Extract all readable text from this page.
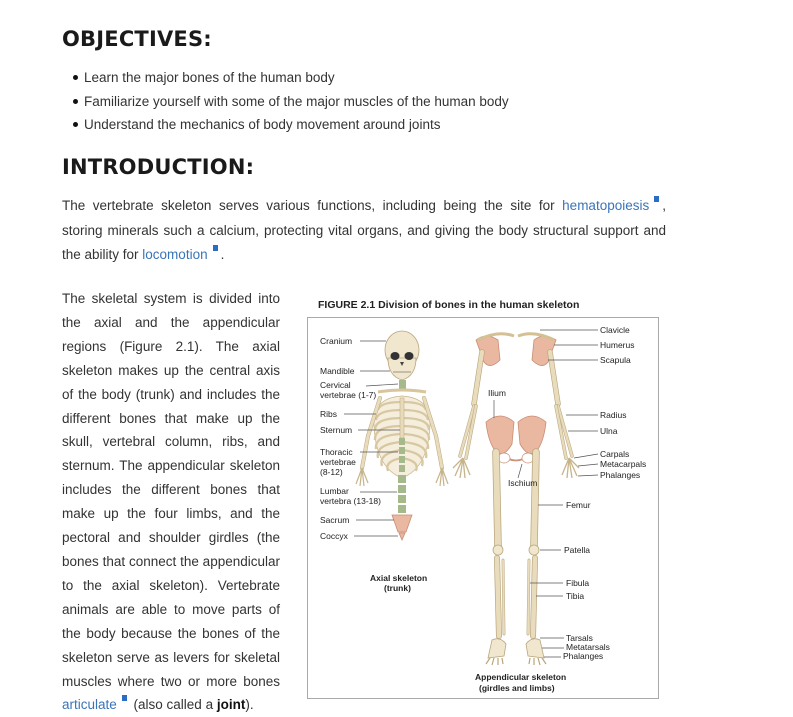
OBJECTIVES:
Learn the major bones of the human body
Familiarize yourself with some of the major muscles of the human body
Understand the mechanics of body movement around joints
INTRODUCTION:

The vertebrate skeleton serves various functions, including being the site for hematopoiesis , storing minerals such a calcium, protecting vital organs, and giving the body structural support and the ability for locomotion .

The skeletal system is divided into the axial and the appendicular regions (Figure 2.1). The axial skeleton makes up the central axis of the body (trunk) and includes the different bones that make up the skull, vertebral column, ribs, and sternum. The appendicular skeleton includes the different bones that make up the four limbs, and the pectoral and shoulder girdles (the bones that connect the appendicular to the axial skeleton). Vertebrate animals are able to move parts of the body because the bones of the skeleton serve as levers for skeletal muscles where two or more bones articulate (also called a joint).

FIGURE 2.1 Division of bones in the human skeleton

Cranium
Mandible
Cervical
vertebrae (1-7)
Ribs
Sternum
Thoracic
vertebrae
(8-12)
Lumbar
vertebra (13-18)
Sacrum
Coccyx
Axial skeleton
(trunk)
Ilium
Ischium
Clavicle
Humerus
Scapula
Radius
Ulna
Carpals
Metacarpals
Phalanges
Femur
Patella
Fibula
Tibia
Tarsals
Metatarsals
Phalanges
Appendicular skeleton
(girdles and limbs)
